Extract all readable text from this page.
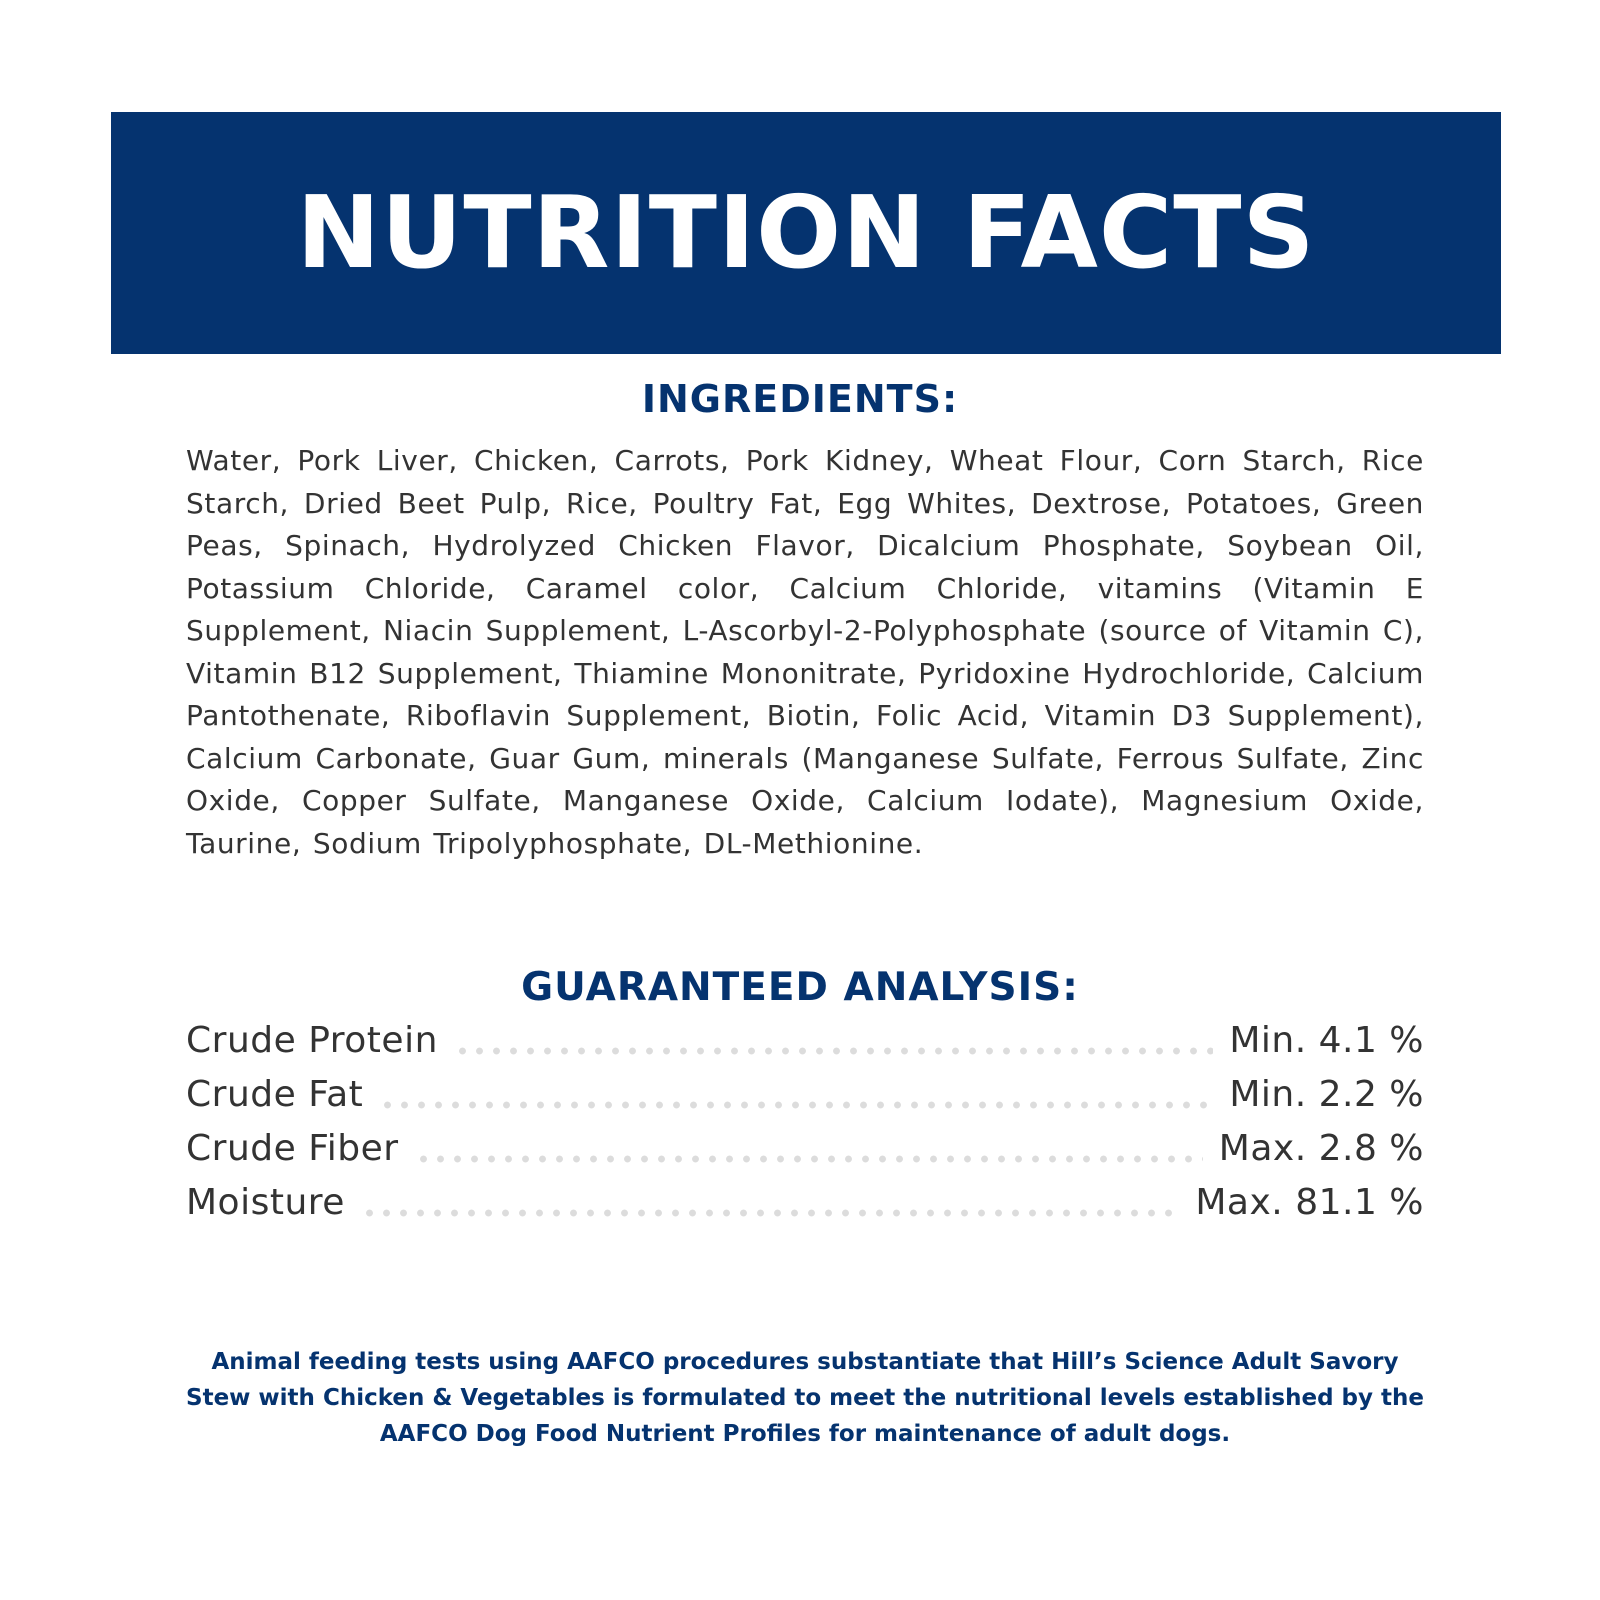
NUTRITION FACTS
INGREDIENTS:

Water, Pork Liver, Chicken, Carrots, Pork Kidney, Wheat Flour, Corn Starch, Rice Starch, Dried Beet Pulp, Rice, Poultry Fat, Egg Whites, Dextrose, Potatoes, Green Peas, Spinach, Hydrolyzed Chicken Flavor, Dicalcium Phosphate, Soybean Oil, Potassium Chloride, Caramel color, Calcium Chloride, vitamins (Vitamin E Supplement, Niacin Supplement, L-Ascorbyl-2-Polyphosphate (source of Vitamin C), Vitamin B12 Supplement, Thiamine Mononitrate, Pyridoxine Hydrochloride, Calcium Pantothenate, Riboflavin Supplement, Biotin, Folic Acid, Vitamin D3 Supplement), Calcium Carbonate, Guar Gum, minerals (Manganese Sulfate, Ferrous Sulfate, Zinc Oxide, Copper Sulfate, Manganese Oxide, Calcium Iodate), Magnesium Oxide, Taurine, Sodium Tripolyphosphate, DL-Methionine.

GUARANTEED ANALYSIS:
Crude Protein	Min. 4.1 %
Crude Fat	Min. 2.2 %
Crude Fiber	Max. 2.8 %
Moisture	Max. 81.1 %

Animal feeding tests using AAFCO procedures substantiate that Hill’s Science Adult Savory Stew with Chicken & Vegetables is formulated to meet the nutritional levels established by the AAFCO Dog Food Nutrient Profiles for maintenance of adult dogs.
